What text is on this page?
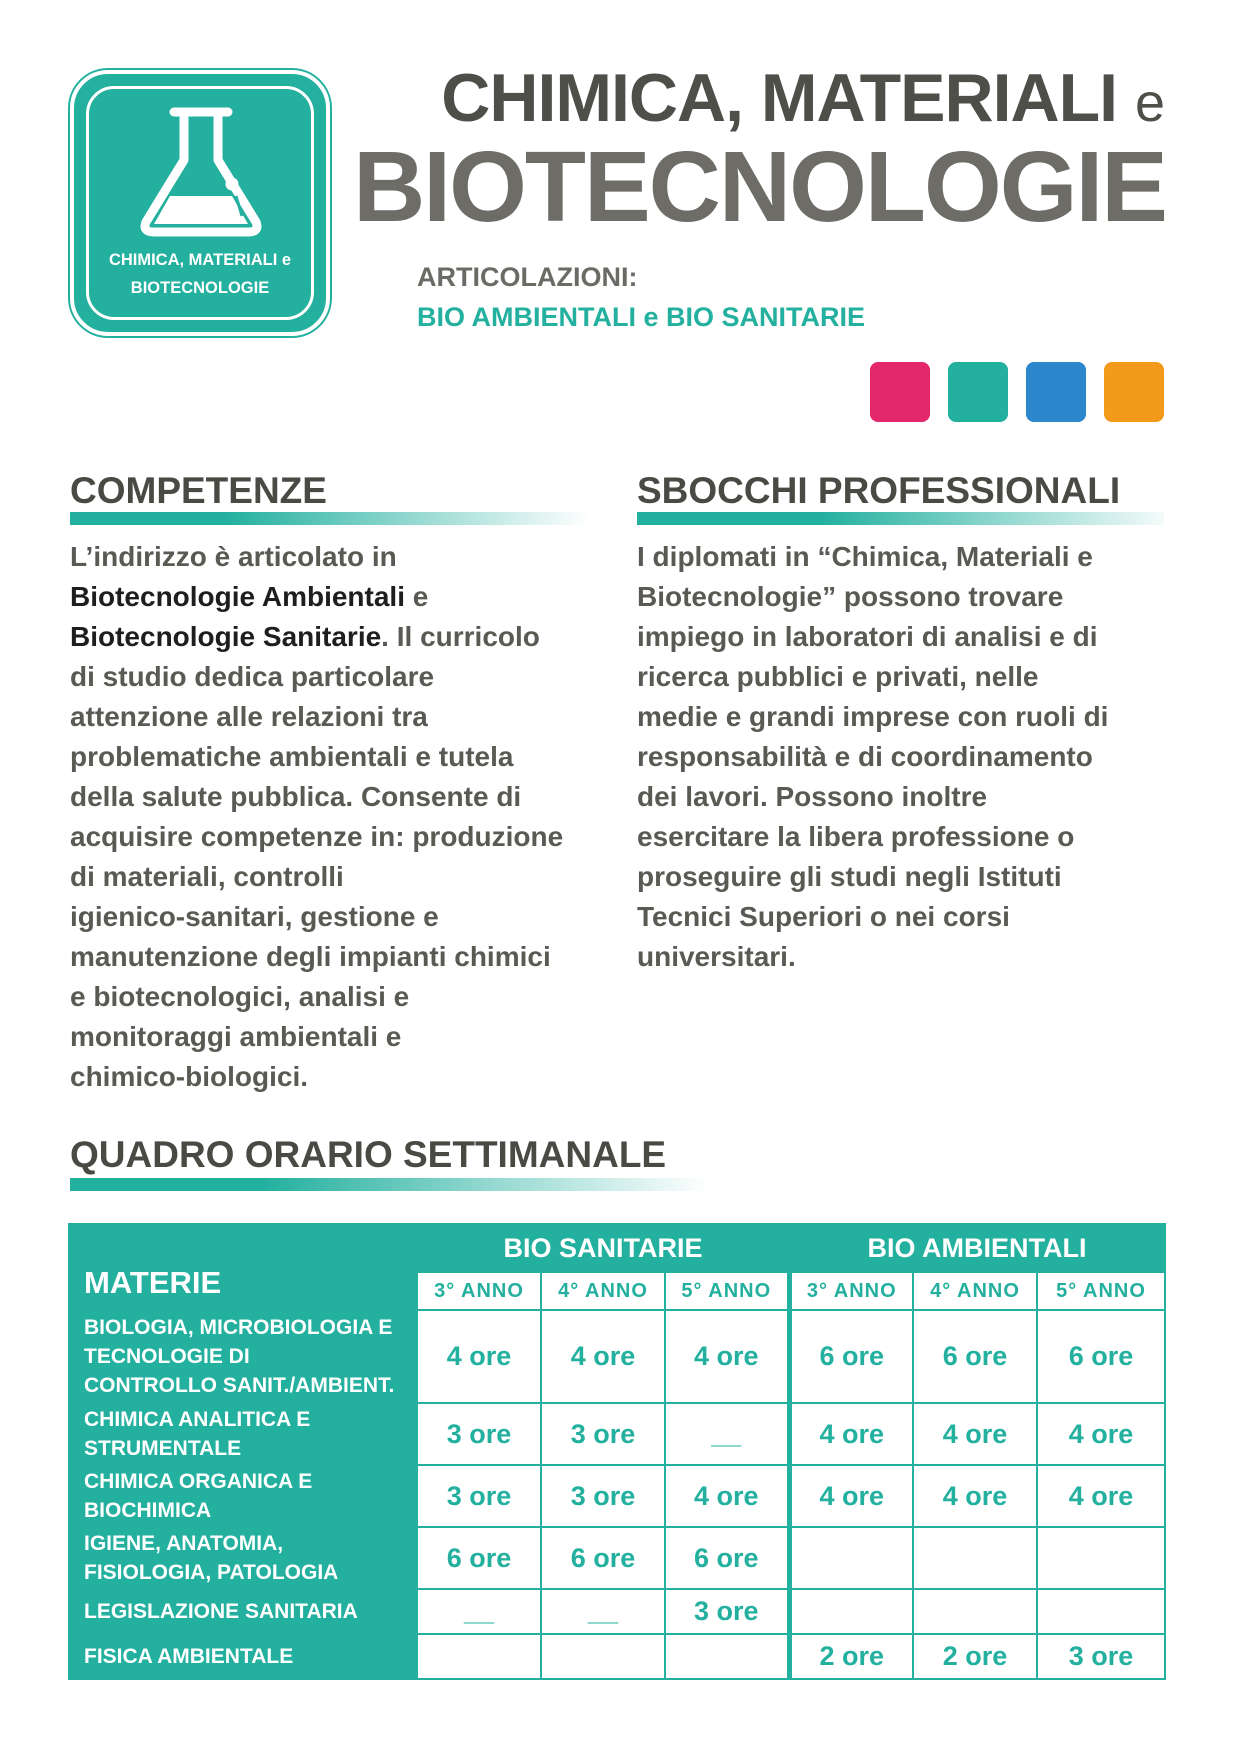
CHIMICA, MATERIALI e
BIOTECNOLOGIE
CHIMICA, MATERIALI e
BIOTECNOLOGIE
ARTICOLAZIONI:
BIO AMBIENTALI e BIO SANITARIE
COMPETENZE
L’indirizzo è articolato in
Biotecnologie Ambientali e
Biotecnologie Sanitarie. Il curricolo
di studio dedica particolare
attenzione alle relazioni tra
problematiche ambientali e tutela
della salute pubblica. Consente di
acquisire competenze in: produzione
di materiali, controlli
igienico-sanitari, gestione e
manutenzione degli impianti chimici
e biotecnologici, analisi e
monitoraggi ambientali e
chimico-biologici.
SBOCCHI PROFESSIONALI
I diplomati in “Chimica, Materiali e
Biotecnologie” possono trovare
impiego in laboratori di analisi e di
ricerca pubblici e privati, nelle
medie e grandi imprese con ruoli di
responsabilità e di coordinamento
dei lavori. Possono inoltre
esercitare la libera professione o
proseguire gli studi negli Istituti
Tecnici Superiori o nei corsi
universitari.
QUADRO ORARIO SETTIMANALE
MATERIE	BIO SANITARIE			BIO AMBIENTALI		
	3° ANNO	4° ANNO	5° ANNO	3° ANNO	4° ANNO	5° ANNO

BIOLOGIA, MICROBIOLOGIA E
TECNOLOGIE DI
CONTROLLO SANIT./AMBIENT.	4 ore	4 ore	4 ore	6 ore	6 ore	6 ore

CHIMICA ANALITICA E
STRUMENTALE	3 ore	3 ore	__	4 ore	4 ore	4 ore

CHIMICA ORGANICA E
BIOCHIMICA	3 ore	3 ore	4 ore	4 ore	4 ore	4 ore

IGIENE, ANATOMIA,
FISIOLOGIA, PATOLOGIA	6 ore	6 ore	6 ore			

LEGISLAZIONE SANITARIA	__	__	3 ore			

FISICA AMBIENTALE				2 ore	2 ore	3 ore
